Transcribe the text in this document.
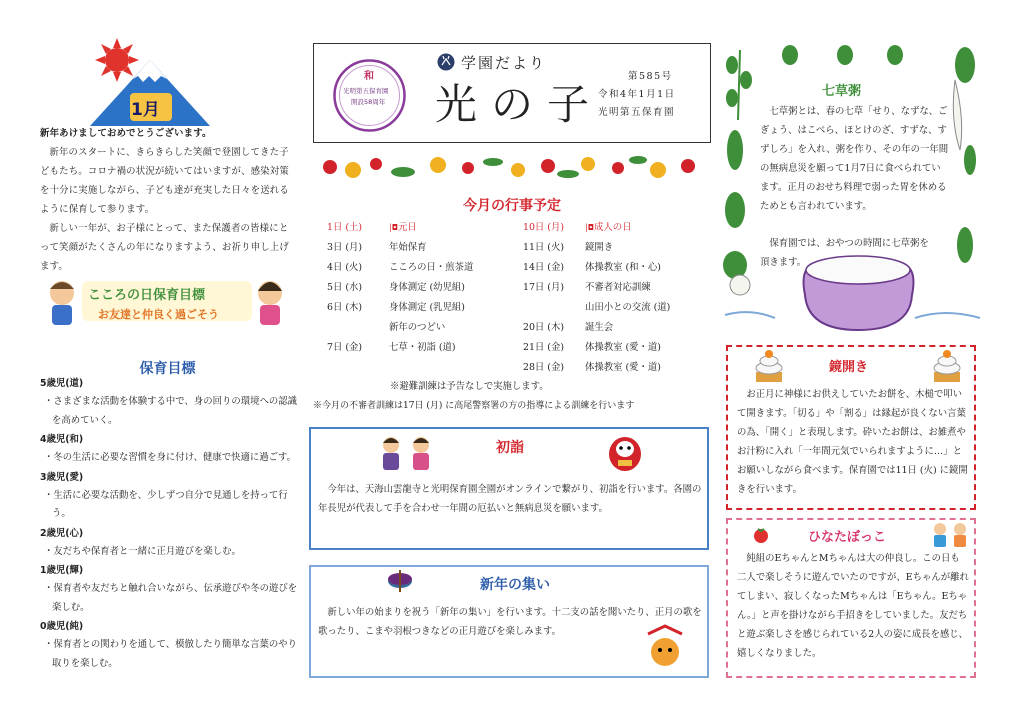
1月
新年あけましておめでとうございます。
新年のスタートに、きらきらした笑顔で登園してきた子どもたち。コロナ禍の状況が続いてはいますが、感染対策を十分に実施しながら、子ども達が充実した日々を送れるように保育して参ります。
新しい一年が、お子様にとって、また保護者の皆様にとって笑顔がたくさんの年になりますよう、お祈り申し上げます。
こころの日保育目標
お友達と仲良く過ごそう
保育目標
5歳児(道)
・さまざまな活動を体験する中で、身の回りの環境への認識を高めていく。
4歳児(和)
・冬の生活に必要な習慣を身に付け、健康で快適に過ごす。
3歳児(愛)
・生活に必要な活動を、少しずつ自分で見通しを持って行う。
2歳児(心)
・友だちや保育者と一緒に正月遊びを楽しむ。
1歳児(輝)
・保育者や友だちと触れ合いながら、伝承遊びや冬の遊びを楽しむ。
0歳児(純)
・保育者との関わりを通して、模倣したり簡単な言葉のやり取りを楽しむ。
和
光明第五保育園
開設58周年
学園だより
光の子
第585号
令和4年1月1日
光明第五保育園
今月の行事予定
1日 (土)	|◘ 元日
3日 (月)	年始保育
4日 (火)	こころの日・煎茶道
5日 (水)	身体測定 (幼児組)
6日 (木)	身体測定 (乳児組)
新年のつどい
7日 (金)	七草・初詣 (道)
10日 (月)	|◘ 成人の日
11日 (火)	鏡開き
14日 (金)	体操教室 (和・心)
17日 (月)	不審者対応訓練
山田小との交流 (道)
20日 (木)	誕生会
21日 (金)	体操教室 (愛・道)
28日 (金)	体操教室 (愛・道)
※避難訓練は予告なしで実施します。
※今月の不審者訓練は17日 (月) に高尾警察署の方の指導による訓練を行います
初詣
今年は、天海山雲龍寺と光明保育園全園がオンラインで繋がり、初詣を行います。各園の年長児が代表して手を合わせ一年間の厄払いと無病息災を願います。
新年の集い
新しい年の始まりを祝う「新年の集い」を行います。十二支の話を聞いたり、正月の歌を歌ったり、こまや羽根つきなどの正月遊びを楽しみます。
七草粥
七草粥とは、春の七草「せり、なずな、ごぎょう、はこべら、ほとけのざ、すずな、すずしろ」を入れ、粥を作り、その年の一年間の無病息災を願って1月7日に食べられています。正月のおせち料理で弱った胃を休めるためとも言われています。
保育園では、おやつの時間に七草粥を頂きます。
鏡開き
お正月に神様にお供えしていたお餅を、木槌で叩いて開きます。「切る」や「割る」は縁起が良くない言葉の為、「開く」と表現します。砕いたお餅は、お雑煮やお汁粉に入れ「一年間元気でいられますように…」とお願いしながら食べます。保育園では11日 (火) に鏡開きを行います。
ひなたぼっこ
純組のEちゃんとMちゃんは大の仲良し。この日も二人で楽しそうに遊んでいたのですが、Eちゃんが離れてしまい、寂しくなったMちゃんは「Eちゃん。Eちゃん。」と声を掛けながら手招きをしていました。友だちと遊ぶ楽しさを感じられている2人の姿に成長を感じ、嬉しくなりました。
